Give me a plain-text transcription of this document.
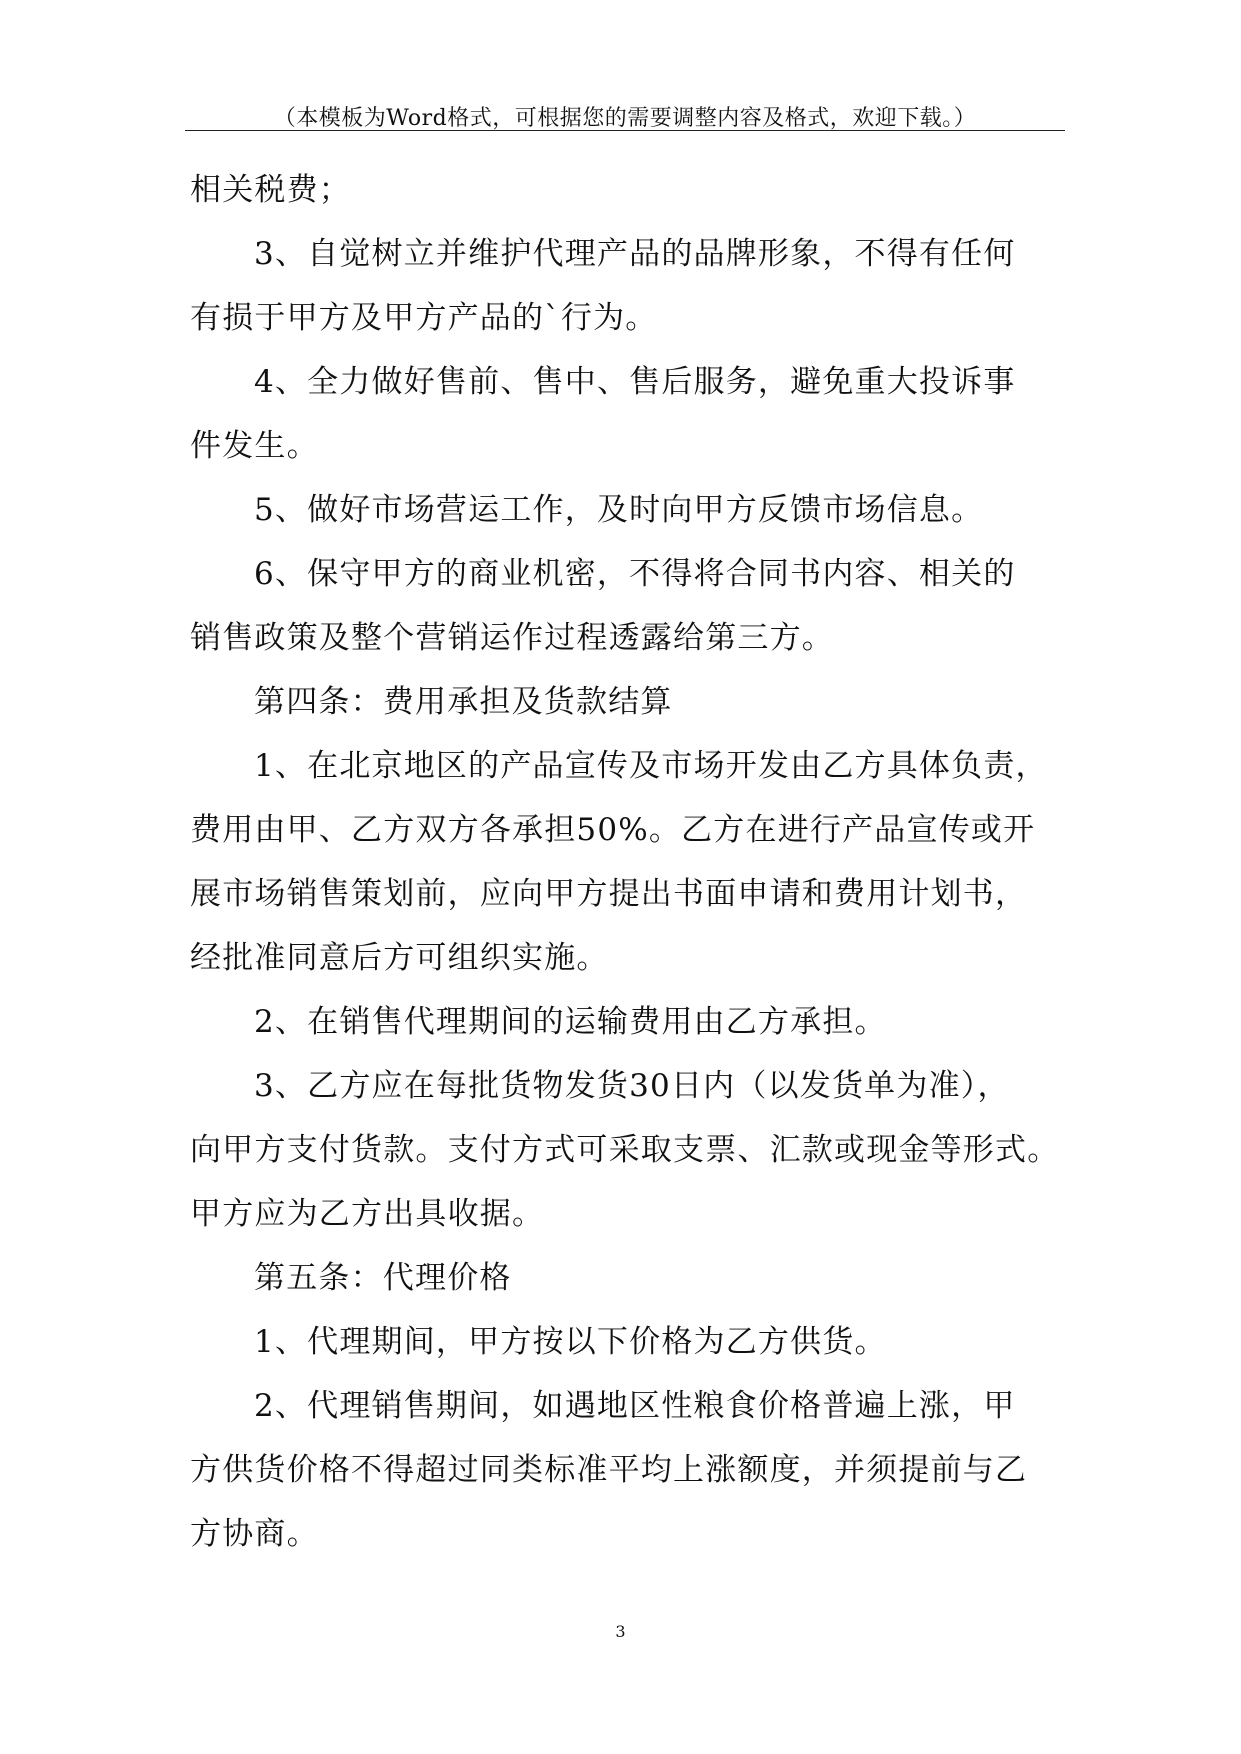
（本模板为Word格式，可根据您的需要调整内容及格式，欢迎下载。）
相关税费；
3、自觉树立并维护代理产品的品牌形象，不得有任何
有损于甲方及甲方产品的`行为。
4、全力做好售前、售中、售后服务，避免重大投诉事
件发生。
5、做好市场营运工作，及时向甲方反馈市场信息。
6、保守甲方的商业机密，不得将合同书内容、相关的
销售政策及整个营销运作过程透露给第三方。
第四条：费用承担及货款结算
1、在北京地区的产品宣传及市场开发由乙方具体负责，
费用由甲、乙方双方各承担50%。乙方在进行产品宣传或开
展市场销售策划前，应向甲方提出书面申请和费用计划书，
经批准同意后方可组织实施。
2、在销售代理期间的运输费用由乙方承担。
3、乙方应在每批货物发货30日内（以发货单为准），
向甲方支付货款。支付方式可采取支票、汇款或现金等形式。
甲方应为乙方出具收据。
第五条：代理价格
1、代理期间，甲方按以下价格为乙方供货。
2、代理销售期间，如遇地区性粮食价格普遍上涨，甲
方供货价格不得超过同类标准平均上涨额度，并须提前与乙
方协商。
3
